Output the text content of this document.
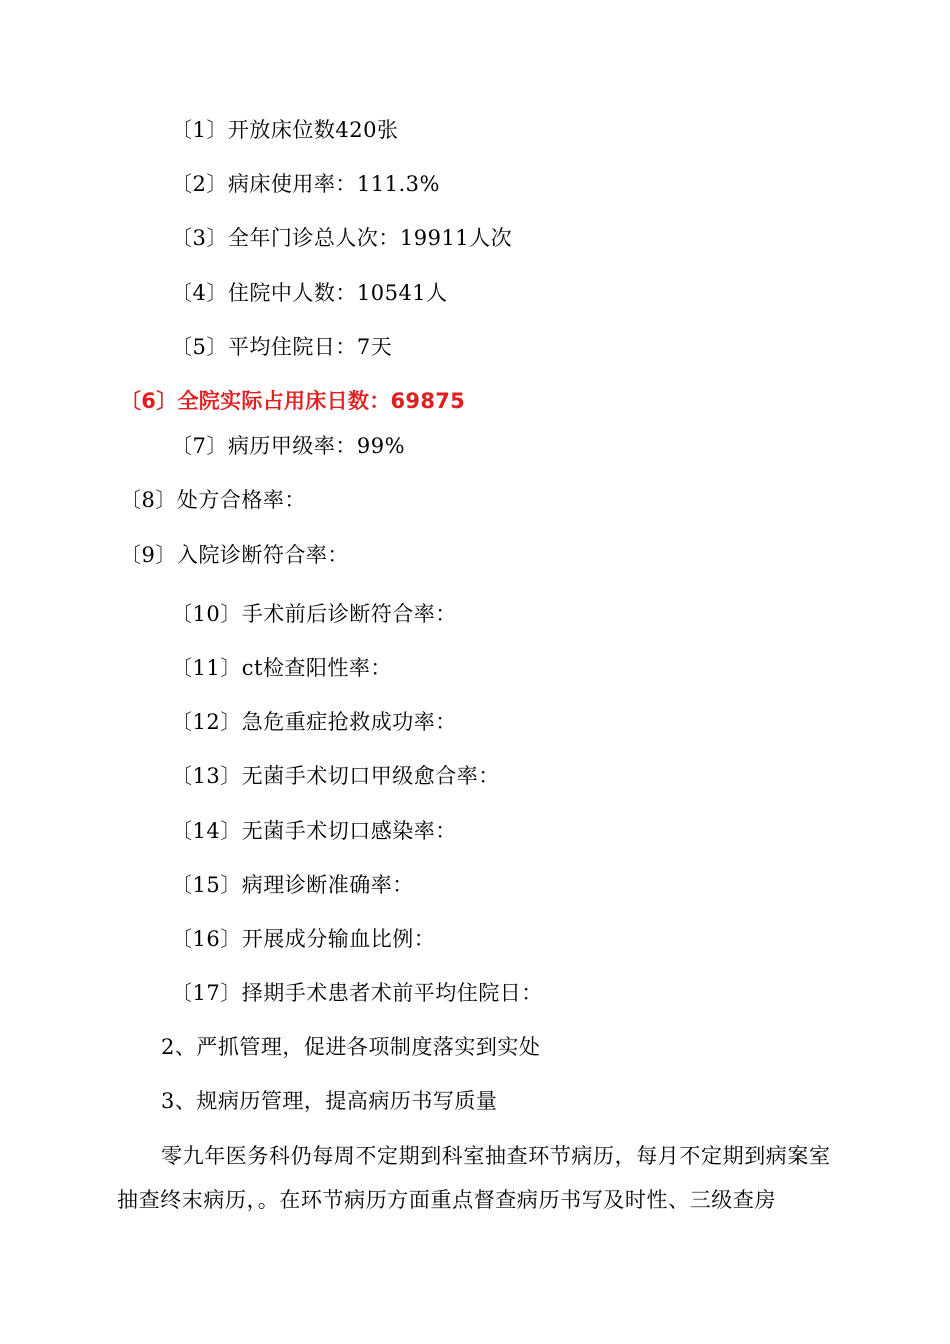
〔1〕开放床位数420张
〔2〕病床使用率：111.3%
〔3〕全年门诊总人次：19911人次
〔4〕住院中人数：10541人
〔5〕平均住院日：7天
〔6〕全院实际占用床日数：69875
〔7〕病历甲级率：99%
〔8〕处方合格率：
〔9〕入院诊断符合率：
〔10〕手术前后诊断符合率：
〔11〕ct检查阳性率：
〔12〕急危重症抢救成功率：
〔13〕无菌手术切口甲级愈合率：
〔14〕无菌手术切口感染率：
〔15〕病理诊断准确率：
〔16〕开展成分输血比例：
〔17〕择期手术患者术前平均住院日：
2、严抓管理，促进各项制度落实到实处
3、规病历管理，提高病历书写质量
零九年医务科仍每周不定期到科室抽查环节病历，每月不定期到病案室抽查终末病历，。在环节病历方面重点督查病历书写及时性、三级查房
